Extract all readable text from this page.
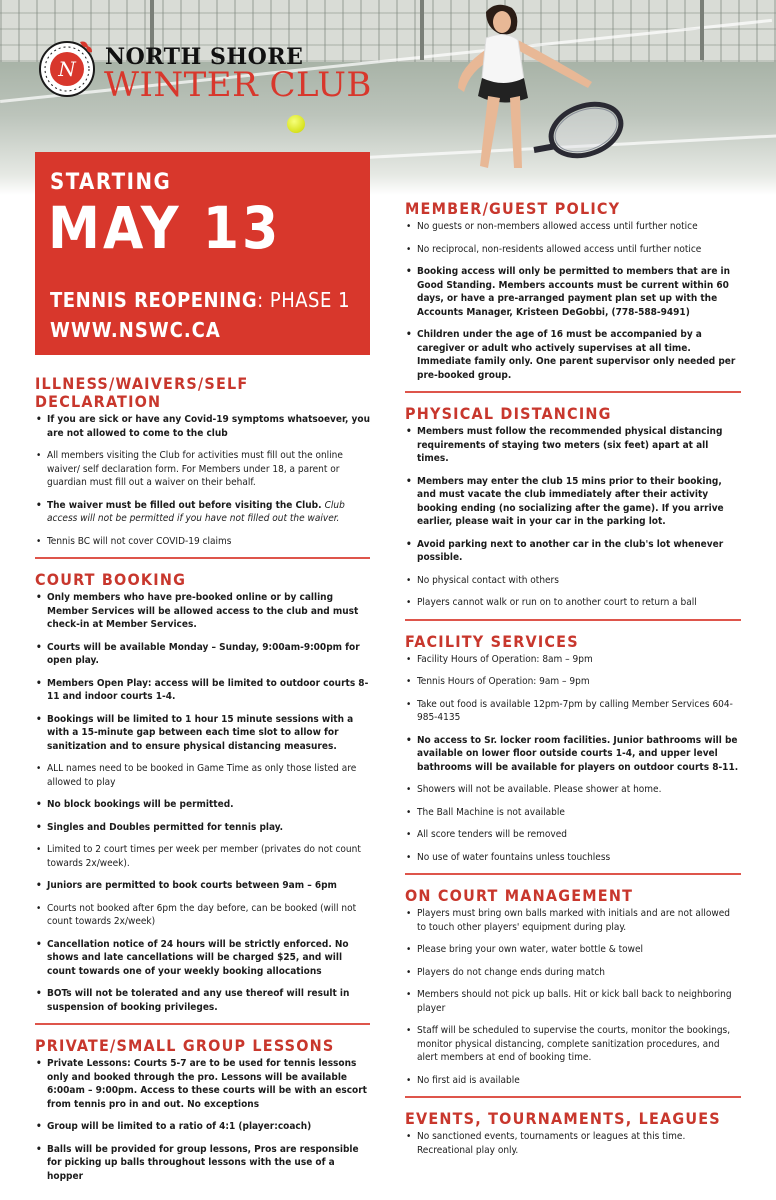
N NORTH SHORE
WINTER CLUB
STARTING
MAY 13
TENNIS REOPENING: PHASE 1
WWW.NSWC.CA
ILLNESS/WAIVERS/SELF DECLARATION
• If you are sick or have any Covid-19 symptoms whatsoever, you are not allowed to come to the club
• All members visiting the Club for activities must fill out the online waiver/ self declaration form. For Members under 18, a parent or guardian must fill out a waiver on their behalf.
• The waiver must be filled out before visiting the Club. Club access will not be permitted if you have not filled out the waiver.
• Tennis BC will not cover COVID-19 claims
COURT BOOKING
• Only members who have pre-booked online or by calling Member Services will be allowed access to the club and must check-in at Member Services.
• Courts will be available Monday – Sunday, 9:00am-9:00pm for open play.
• Members Open Play: access will be limited to outdoor courts 8-11 and indoor courts 1-4.
• Bookings will be limited to 1 hour 15 minute sessions with a with a 15-minute gap between each time slot to allow for sanitization and to ensure physical distancing measures.
• ALL names need to be booked in Game Time as only those listed are allowed to play
• No block bookings will be permitted.
• Singles and Doubles permitted for tennis play.
• Limited to 2 court times per week per member (privates do not count towards 2x/week).
• Juniors are permitted to book courts between 9am – 6pm
• Courts not booked after 6pm the day before, can be booked (will not count towards 2x/week)
• Cancellation notice of 24 hours will be strictly enforced. No shows and late cancellations will be charged $25, and will count towards one of your weekly booking allocations
• BOTs will not be tolerated and any use thereof will result in suspension of booking privileges.
PRIVATE/SMALL GROUP LESSONS
• Private Lessons: Courts 5-7 are to be used for tennis lessons only and booked through the pro. Lessons will be available 6:00am – 9:00pm. Access to these courts will be with an escort from tennis pro in and out. No exceptions
• Group will be limited to a ratio of 4:1 (player:coach)
• Balls will be provided for group lessons, Pros are responsible for picking up balls throughout lessons with the use of a hopper
MEMBER/GUEST POLICY
• No guests or non-members allowed access until further notice
• No reciprocal, non-residents allowed access until further notice
• Booking access will only be permitted to members that are in Good Standing. Members accounts must be current within 60 days, or have a pre-arranged payment plan set up with the Accounts Manager, Kristeen DeGobbi, (778-588-9491)
• Children under the age of 16 must be accompanied by a caregiver or adult who actively supervises at all time. Immediate family only. One parent supervisor only needed per pre-booked group.
PHYSICAL DISTANCING
• Members must follow the recommended physical distancing requirements of staying two meters (six feet) apart at all times.
• Members may enter the club 15 mins prior to their booking, and must vacate the club immediately after their activity booking ending (no socializing after the game). If you arrive earlier, please wait in your car in the parking lot.
• Avoid parking next to another car in the club's lot whenever possible.
• No physical contact with others
• Players cannot walk or run on to another court to return a ball
FACILITY SERVICES
• Facility Hours of Operation: 8am – 9pm
• Tennis Hours of Operation: 9am – 9pm
• Take out food is available 12pm-7pm by calling Member Services 604-985-4135
• No access to Sr. locker room facilities. Junior bathrooms will be available on lower floor outside courts 1-4, and upper level bathrooms will be available for players on outdoor courts 8-11.
• Showers will not be available. Please shower at home.
• The Ball Machine is not available
• All score tenders will be removed
• No use of water fountains unless touchless
ON COURT MANAGEMENT
• Players must bring own balls marked with initials and are not allowed to touch other players' equipment during play.
• Please bring your own water, water bottle & towel
• Players do not change ends during match
• Members should not pick up balls. Hit or kick ball back to neighboring player
• Staff will be scheduled to supervise the courts, monitor the bookings, monitor physical distancing, complete sanitization procedures, and alert members at end of booking time.
• No first aid is available
EVENTS, TOURNAMENTS, LEAGUES
• No sanctioned events, tournaments or leagues at this time. Recreational play only.
